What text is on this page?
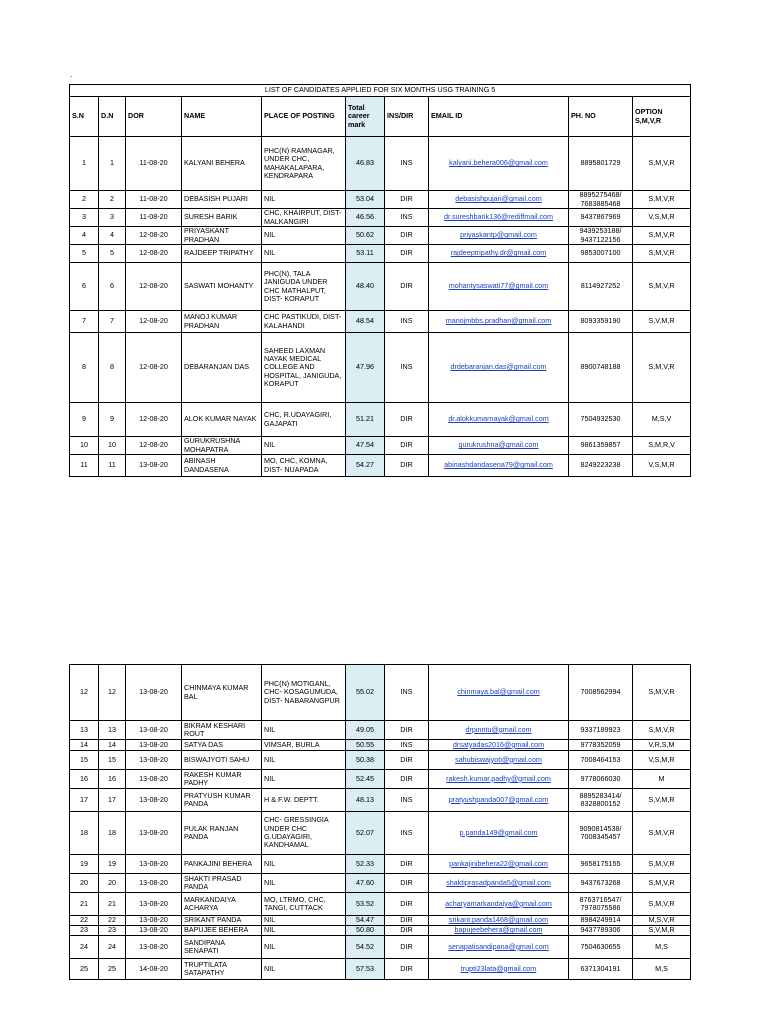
.
LIST OF CANDIDATES APPLIED FOR SIX MONTHS USG TRAINING 5									
S.N	D.N	DOR	NAME	PLACE OF POSTING	Total career mark	INS/DIR	EMAIL ID	PH. NO	OPTION S,M,V,R
1	1	11-08-20	KALYANI BEHERA	PHC(N) RAMNAGAR, UNDER CHC, MAHAKALAPARA, KENDRAPARA	46.83	INS	kalyani.behera006@gmail.com	8895801729	S,M,V,R
2	2	11-08-20	DEBASISH PUJARI	NIL	53.04	DIR	debasishpujari@gmail.com	8895275468/ 7683885468	S,M,V,R
3	3	11-08-20	SURESH BARIK	CHC, KHAIRPUT, DIST-MALKANGIRI	46.56	INS	dr.sureshbarik136@rediffmail.com	9437867969	V,S,M,R
4	4	12-08-20	PRIYASKANT PRADHAN	NIL	50.62	DIR	priyaskantp@gmail.com	9439253188/ 9437122156	S,M,V,R
5	5	12-08-20	RAJDEEP TRIPATHY	NIL	53.11	DIR	rajdeeptripathy.dr@gmail.com	9853007100	S,M,V,R
6	6	12-08-20	SASWATI MOHANTY	PHC(N), TALA JANIGUDA UNDER CHC MATHALPUT, DIST- KORAPUT	48.40	DIR	mohantysaswati77@gmail.com	8114927252	S,M,V,R
7	7	12-08-20	MANOJ KUMAR PRADHAN	CHC PASTIKUDI, DIST- KALAHANDI	48.54	INS	manojmbbs.pradhan@gmail.com	8093359190	S,V,M,R
8	8	12-08-20	DEBARANJAN DAS	SAHEED LAXMAN NAYAK MEDICAL COLLEGE AND HOSPITAL, JANIGUDA, KORAPUT	47.96	INS	drdebaranjan.das@gmail.com	8900748188	S,M,V,R
9	9	12-08-20	ALOK KUMAR NAYAK	CHC, R.UDAYAGIRI, GAJAPATI	51.21	DIR	dr.alokkumarnayak@gmail.com	7504932530	M,S,V
10	10	12-08-20	GURUKRUSHNA MOHAPATRA	NIL	47.54	DIR	gurukrushna@gmail.com	9861359857	S,M,R,V
11	11	13-08-20	ABINASH DANDASENA	MO, CHC, KOMNA, DIST- NUAPADA	54.27	DIR	abinashdandasena79@gmail.com	8249223238	V,S,M,R
12	12	13-08-20	CHINMAYA KUMAR BAL	PHC(N) MOTIGANL, CHC- KOSAGUMUDA, DIST- NABARANGPUR	55.02	INS	chinmaya.bal@gmail.com	7008562994	S,M,V,R
13	13	13-08-20	BIKRAM KESHARI ROUT	NIL	49.05	DIR	drpinntu@gmail.com	9337189923	S,M,V,R
14	14	13-08-20	SATYA DAS	VIMSAR, BURLA	50.55	INS	drsatyadas2016@gmail.com	9778352059	V,R,S,M
15	15	13-08-20	BISWAJYOTI SAHU	NIL	50.38	DIR	sahubiswajyoti@gmail.com	7008464153	V,S,M,R
16	16	13-08-20	RAKESH KUMAR PADHY	NIL	52.45	DIR	rakesh.kumar.padhy@gmail.com	9778066030	M
17	17	13-08-20	PRATYUSH KUMAR PANDA	H & F.W. DEPTT.	48.13	INS	pratyushpanda007@gmail.com	8895283414/ 8328800152	S,V,M,R
18	18	13-08-20	PULAK RANJAN PANDA	CHC- GRESSINGIA UNDER CHC G.UDAYAGIRI, KANDHAMAL	52.07	INS	p.panda149@gmail.com	9090814538/ 7008345457	S,M,V,R
19	19	13-08-20	PANKAJINI BEHERA	NIL	52.33	DIR	pankajinibehera22@gmail.com	9658175155	S,M,V,R
20	20	13-08-20	SHAKTI PRASAD PANDA	NIL	47.60	DIR	shaktiprasadpanda5@gmail.com	9437673268	S,M,V,R
21	21	13-08-20	MARKANDAIYA ACHARYA	MO, LTRMO, CHC, TANGI, CUTTACK	53.52	DIR	acharyamarkandaiya@gmail.com	8763716547/ 7978075586	S,M,V,R
22	22	13-08-20	SRIKANT PANDA	NIL	54.47	DIR	srikant.panda1468@gmail.com	8984249914	M,S,V,R
23	23	13-08-20	BAPUJEE BEHERA	NIL	50.80	DIR	bapujeebehera@gmail.com	9437789306	S,V,M,R
24	24	13-08-20	SANDIPANA SENAPATI	NIL	54.52	DIR	senapatisandipana@gmail.com	7504630655	M,S
25	25	14-08-20	TRUPTILATA SATAPATHY	NIL	57.53	DIR	trupti23lata@gmail.com	6371304191	M,S
